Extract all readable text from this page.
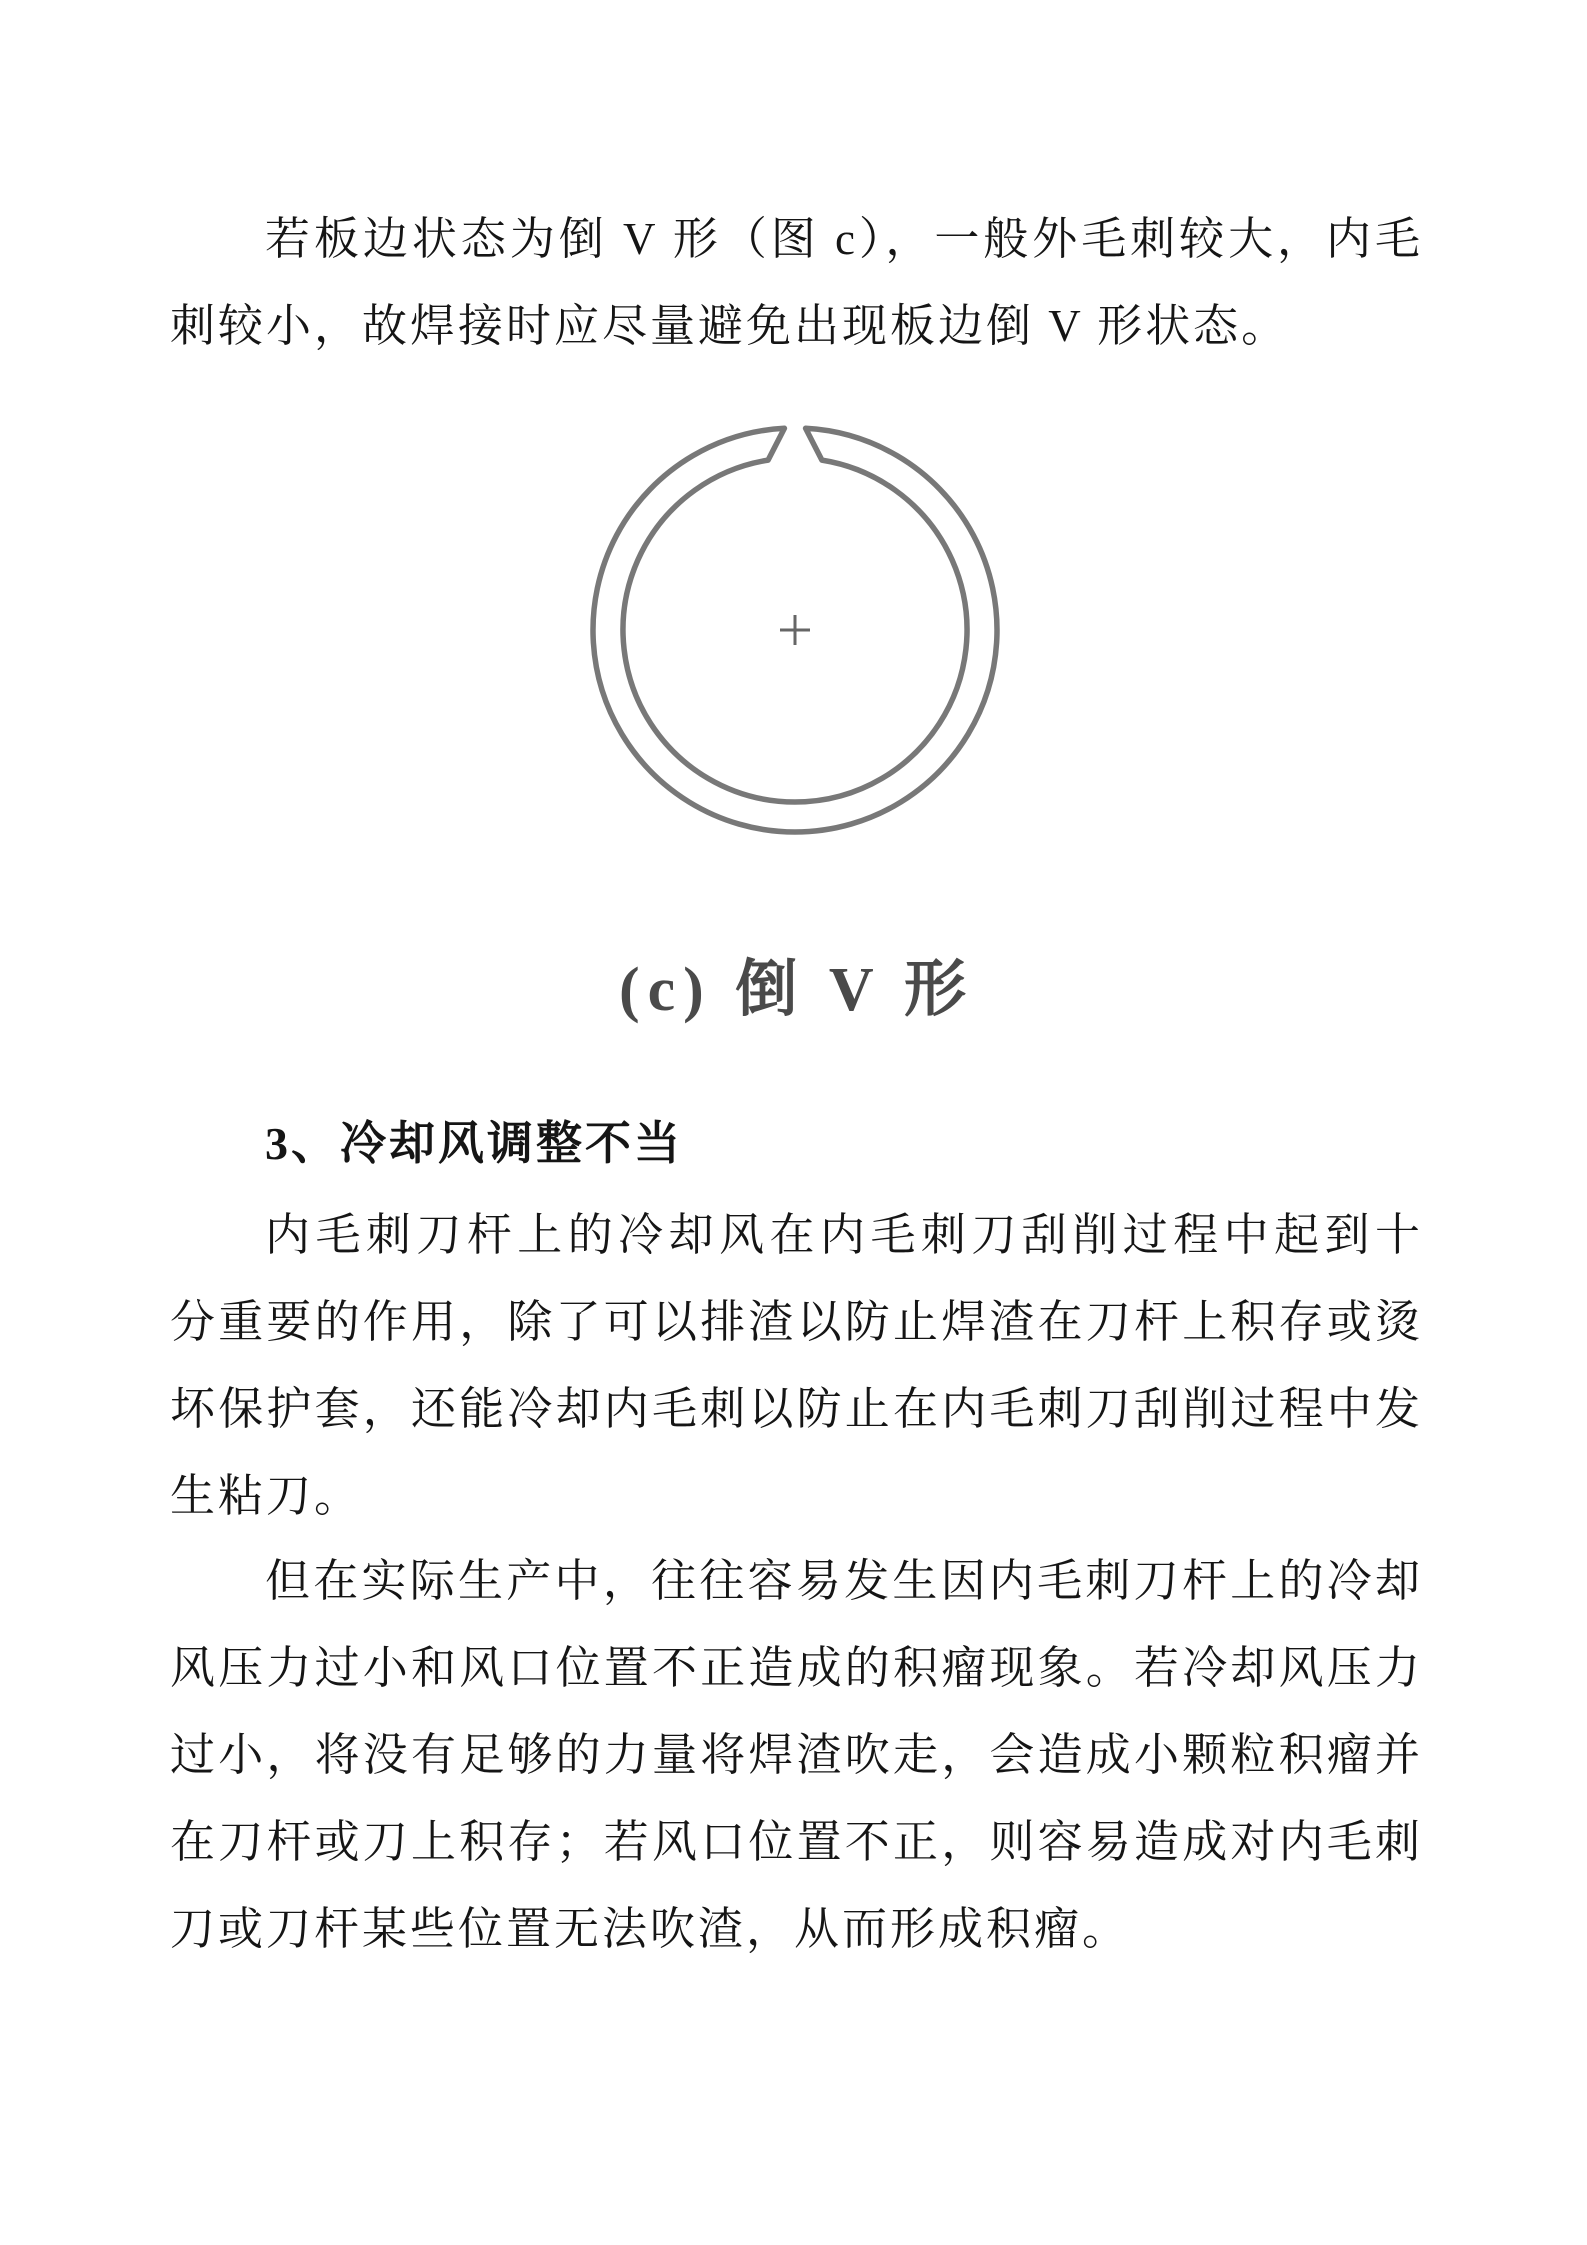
若板边状态为倒 V 形（图 c），一般外毛刺较大，内毛
刺较小，故焊接时应尽量避免出现板边倒 V 形状态。
(c) 倒 V 形
3、冷却风调整不当
内毛刺刀杆上的冷却风在内毛刺刀刮削过程中起到十
分重要的作用，除了可以排渣以防止焊渣在刀杆上积存或烫
坏保护套，还能冷却内毛刺以防止在内毛刺刀刮削过程中发
生粘刀。
但在实际生产中，往往容易发生因内毛刺刀杆上的冷却
风压力过小和风口位置不正造成的积瘤现象。若冷却风压力
过小，将没有足够的力量将焊渣吹走，会造成小颗粒积瘤并
在刀杆或刀上积存；若风口位置不正，则容易造成对内毛刺
刀或刀杆某些位置无法吹渣，从而形成积瘤。
